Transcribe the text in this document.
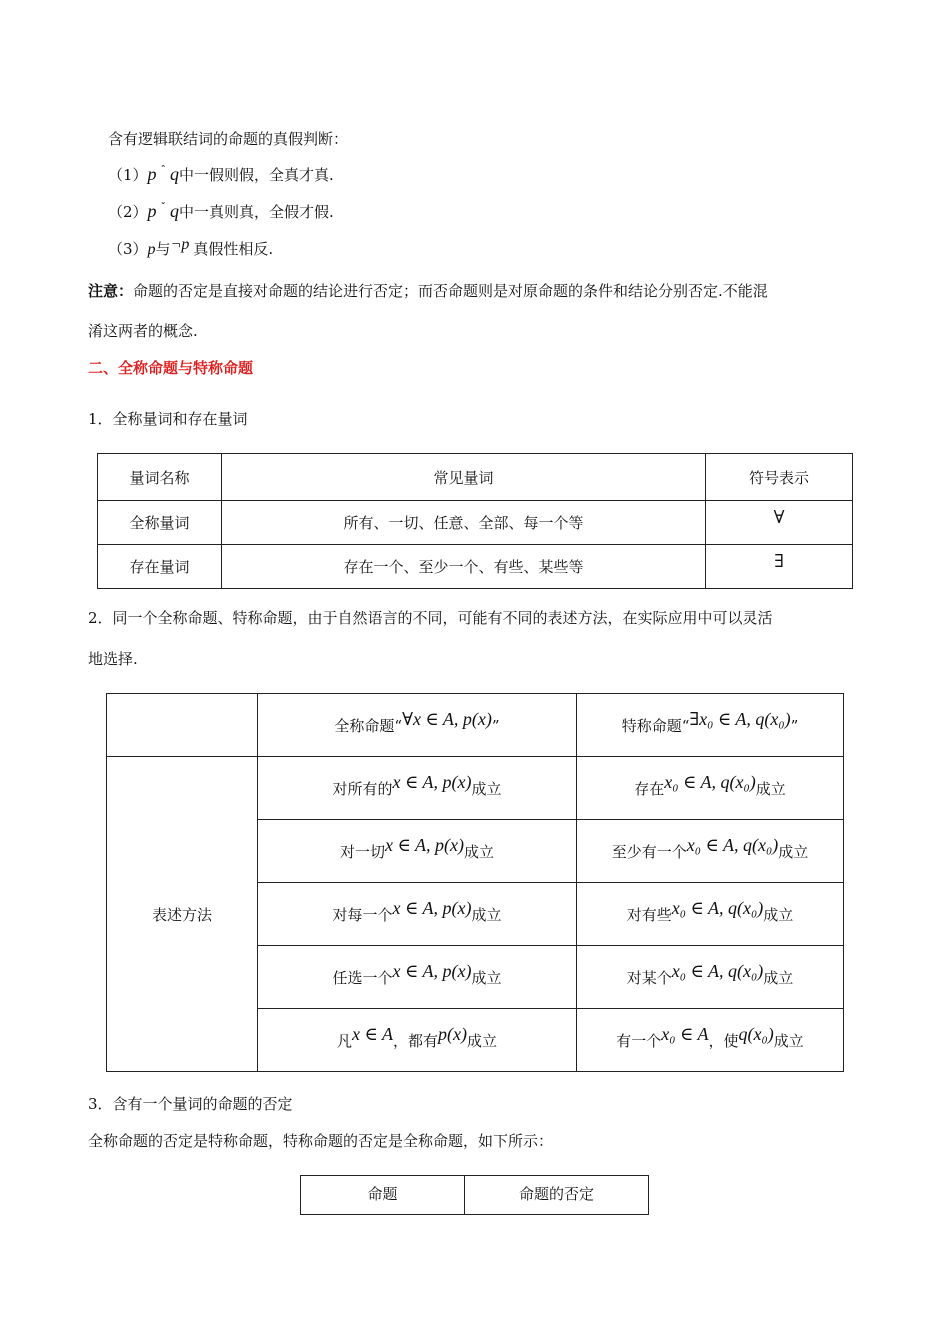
含有逻辑联结词的命题的真假判断：
（1）p $^ˆ$ q中一假则假，全真才真.
（2）p $^ˇ$ q中一真则真，全假才假.
（3）p与¬p 真假性相反.
注意：命题的否定是直接对命题的结论进行否定；而否命题则是对原命题的条件和结论分别否定.不能混
淆这两者的概念.
二、全称命题与特称命题
1．全称量词和存在量词
量词名称	常见量词	符号表示
全称量词	所有、一切、任意、全部、每一个等	∀
存在量词	存在一个、至少一个、有些、某些等	∃
2．同一个全称命题、特称命题，由于自然语言的不同，可能有不同的表述方法，在实际应用中可以灵活
地选择.
	全称命题“∀x ∈ A, p(x)”	特称命题“∃x₀ ∈ A, q(x₀)”
表述方法	对所有的x ∈ A, p(x)成立	存在x₀ ∈ A, q(x₀)成立
	对一切x ∈ A, p(x)成立	至少有一个x₀ ∈ A, q(x₀)成立
	对每一个x ∈ A, p(x)成立	对有些x₀ ∈ A, q(x₀)成立
	任选一个x ∈ A, p(x)成立	对某个x₀ ∈ A, q(x₀)成立
	凡x ∈ A，都有p(x)成立	有一个x₀ ∈ A，使q(x₀)成立
3．含有一个量词的命题的否定
全称命题的否定是特称命题，特称命题的否定是全称命题，如下所示：
命题	命题的否定
